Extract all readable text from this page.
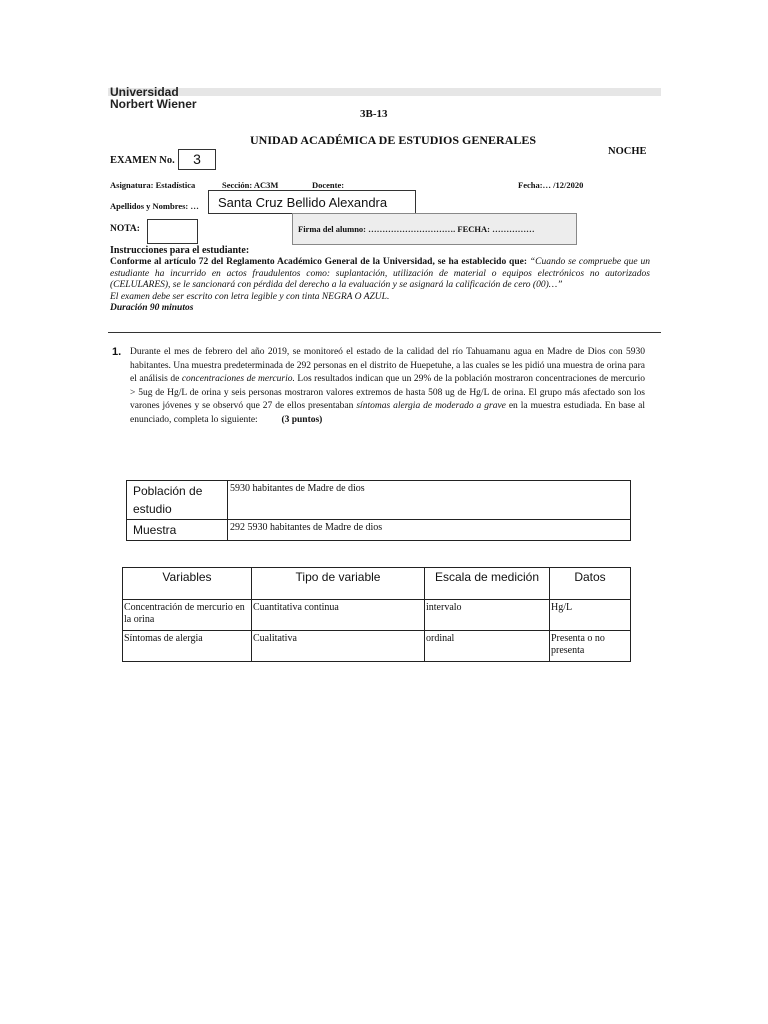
Universidad
Norbert Wiener
3B-13
UNIDAD ACADÉMICA DE ESTUDIOS GENERALES
NOCHE
EXAMEN No.	3
Asignatura: Estadística	Sección: AC3M	Docente:	Fecha:… /12/2020
Apellidos y Nombres: …	Santa Cruz Bellido Alexandra
NOTA:	Firma del alumno: …………………………. FECHA: ……………
Instrucciones para el estudiante:
Conforme al artículo 72 del Reglamento Académico General de la Universidad, se ha establecido que: “Cuando se compruebe que un estudiante ha incurrido en actos fraudulentos como: suplantación, utilización de material o equipos electrónicos no autorizados (CELULARES), se le sancionará con pérdida del derecho a la evaluación y se asignará la calificación de cero (00)…”
El examen debe ser escrito con letra legible y con tinta NEGRA O AZUL.
Duración 90 minutos
1. Durante el mes de febrero del año 2019, se monitoreó el estado de la calidad del río Tahuamanu agua en Madre de Dios con 5930 habitantes. Una muestra predeterminada de 292 personas en el distrito de Huepetuhe, a las cuales se les pidió una muestra de orina para el análisis de concentraciones de mercurio. Los resultados indican que un 29% de la población mostraron concentraciones de mercurio > 5ug de Hg/L de orina y seis personas mostraron valores extremos de hasta 508 ug de Hg/L de orina. El grupo más afectado son los varones jóvenes y se observó que 27 de ellos presentaban síntomas alergia de moderado a grave en la muestra estudiada. En base al enunciado, completa lo siguiente:	(3 puntos)
Población de estudio	5930 habitantes de Madre de dios
Muestra	292 5930 habitantes de Madre de dios
Variables	Tipo de variable	Escala de medición	Datos
Concentración de mercurio en la orina	Cuantitativa continua	intervalo	Hg/L
Síntomas de alergia	Cualitativa	ordinal	Presenta o no presenta
